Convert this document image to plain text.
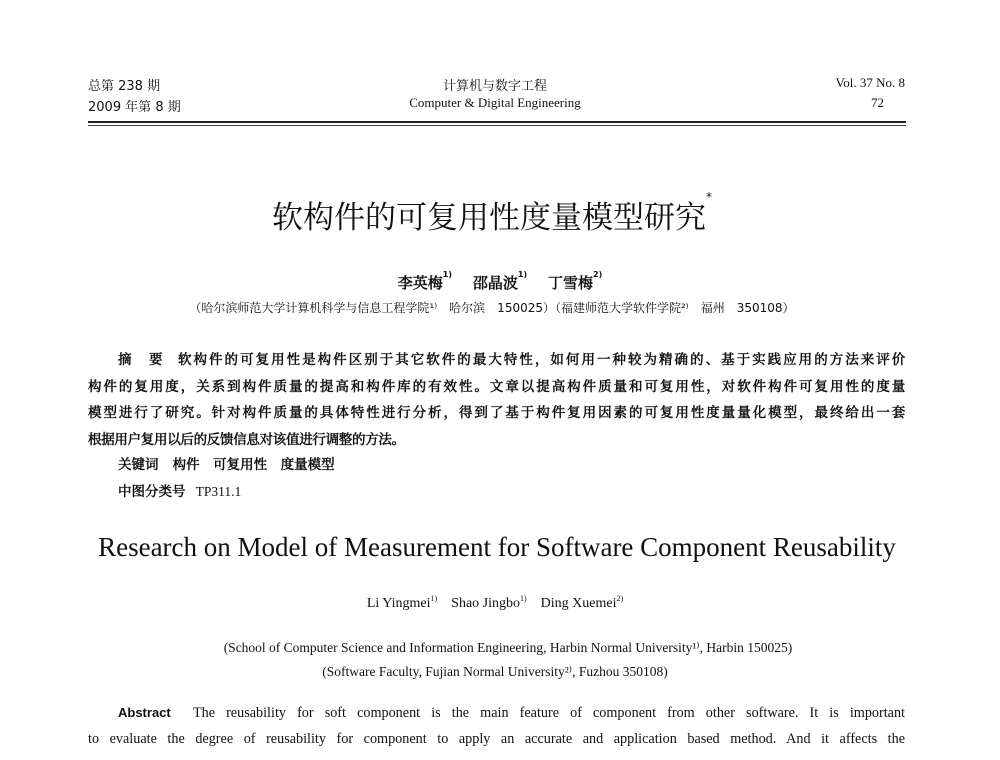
总第 238 期
2009 年第 8 期
计算机与数字工程
Computer & Digital Engineering
Vol. 37 No. 8
72
软构件的可复用性度量模型研究*
李英梅$^{1)}$ 邵晶波$^{1)}$ 丁雪梅$^{2)}$
（哈尔滨师范大学计算机科学与信息工程学院¹⁾　哈尔滨　150025）（福建师范大学软件学院²⁾　福州　350108）
摘　要 软构件的可复用性是构件区别于其它软件的最大特性，如何用一种较为精确的、基于实践应用的方法来评价
构件的复用度，关系到构件质量的提高和构件库的有效性。文章以提高构件质量和可复用性，对软件构件可复用性的度量
模型进行了研究。针对构件质量的具体特性进行分析，得到了基于构件复用因素的可复用性度量量化模型，最终给出一套
根据用户复用以后的反馈信息对该值进行调整的方法。
关键词 构件　可复用性　度量模型
中图分类号 TP311.1
Research on Model of Measurement for Software Component Reusability
Li Yingmei$^{1)}$ Shao Jingbo$^{1)}$ Ding Xuemei$^{2)}$
(School of Computer Science and Information Engineering, Harbin Normal University¹⁾, Harbin 150025)
(Software Faculty, Fujian Normal University²⁾, Fuzhou 350108)
Abstract The reusability for soft component is the main feature of component from other software. It is important
to evaluate the degree of reusability for component to apply an accurate and application based method. And it affects the
